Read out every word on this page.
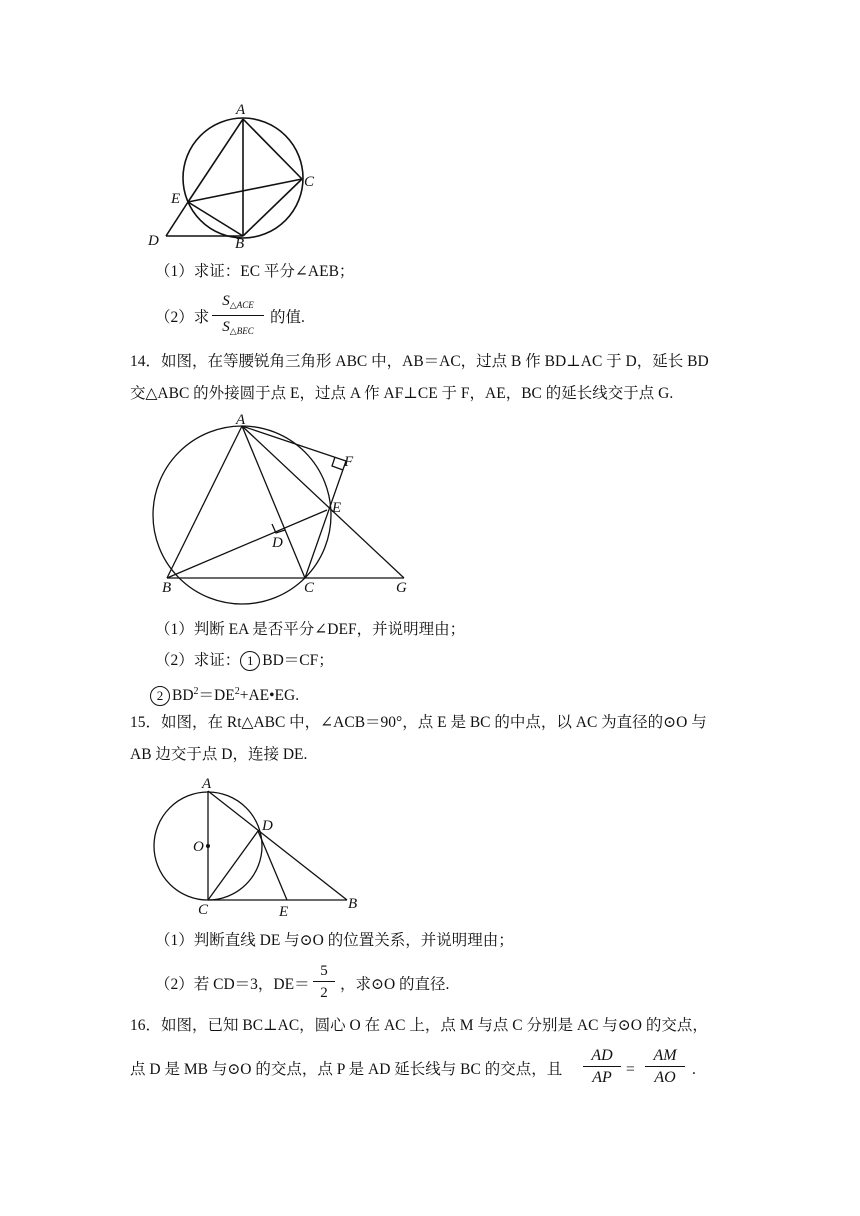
A
C
E
D	B
（1）求证：EC 平分∠AEB；
（2）求
$S_{\triangle ACE}$
$S_{\triangle BEC}$
的值.
14．如图，在等腰锐角三角形 ABC 中，AB＝AC，过点 B 作 BD⊥AC 于 D，延长 BD
交△ABC 的外接圆于点 E，过点 A 作 AF⊥CE 于 F，AE，BC 的延长线交于点 G.
A
F
E
D
B	C	G
（1）判断 EA 是否平分∠DEF，并说明理由；
（2）求证： 1 BD＝CF；
2 $BD^2=DE^2+AE•EG$.
15．如图，在 Rt△ABC 中，∠ACB＝90°，点 E 是 BC 的中点，以 AC 为直径的⊙O 与
AB 边交于点 D，连接 DE.
A
D
O
C	E	B
（1）判断直线 DE 与⊙O 的位置关系，并说明理由；
（2）若 CD＝3，$DE= \frac{5}{2}$ ，求⊙O 的直径.
16．如图，已知 BC⊥AC，圆心 O 在 AC 上，点 M 与点 C 分别是 AC 与⊙O 的交点，
点 D 是 MB 与⊙O 的交点，点 P 是 AD 延长线与 BC 的交点，且 $\frac{AD}{AP} = \frac{AM}{AO}$ .
